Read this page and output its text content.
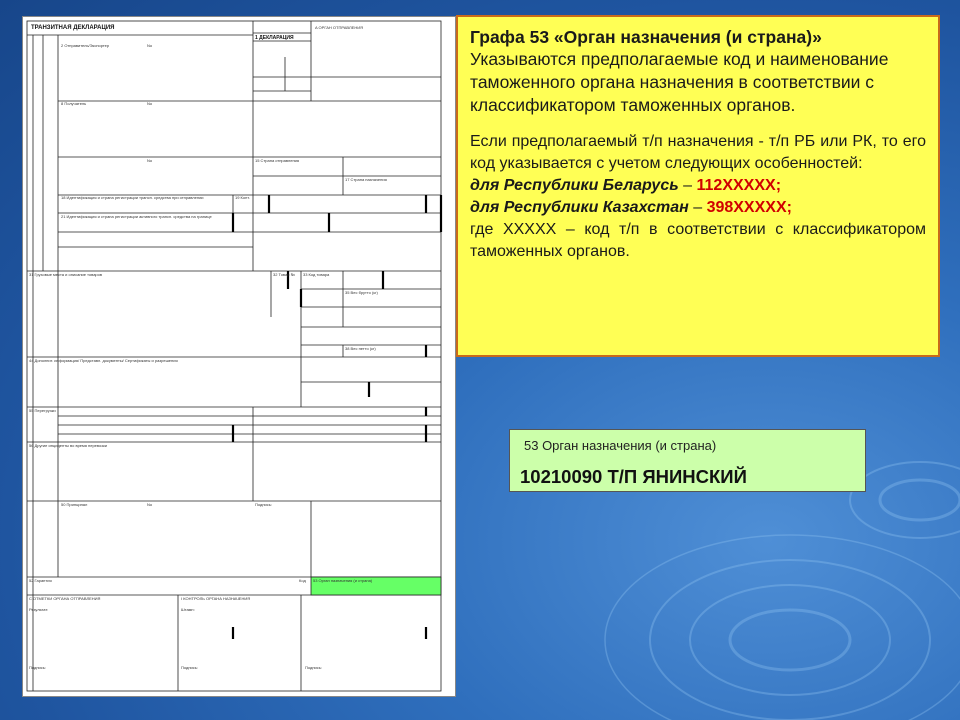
ТРАНЗИТНАЯ ДЕКЛАРАЦИЯ
1 ДЕКЛАРАЦИЯ
A ОРГАН ОТПРАВЛЕНИЯ
2 Отправитель/Экспортер	No
8 Получатель	No
No	15 Страна отправления
17 Страна назначения
18 Идентификация и страна регистрации трансп. средства при отправлении	19 Конт.
21 Идентификация и страна регистрации активного трансп. средства на границе
31 Грузовые места и описание товаров	32 Товар № 33 Код товара
35 Вес брутто (кг)
38 Вес нетто (кг)
44 Дополнит. информация/ Представл. документы/ Сертификаты и разрешения
55 Перегрузки
56 Другие инциденты во время перевозки
50 Принципал	No	Подпись:
52 Гарантия	Код 53 Орган назначения (и страна)
C ОТМЕТКИ ОРГАНА ОТПРАВЛЕНИЯ	I КОНТРОЛЬ ОРГАНА НАЗНАЧЕНИЯ
Результат:	Штамп:
Подпись:	Подпись:	Подпись:
Графа 53 «Орган назначения (и страна)»
Указываются предполагаемые код и наименование таможенного органа назначения в соответствии с классификатором таможенных органов.
Если предполагаемый т/п назначения - т/п РБ или РК, то его код указывается с учетом следующих особенностей:
для Республики Беларусь – 112XXXXX;
для Республики Казахстан – 398XXXXX;
где XXXXX – код т/п в соответствии с классификатором таможенных органов.
53 Орган назначения (и страна)
10210090 Т/П ЯНИНСКИЙ
